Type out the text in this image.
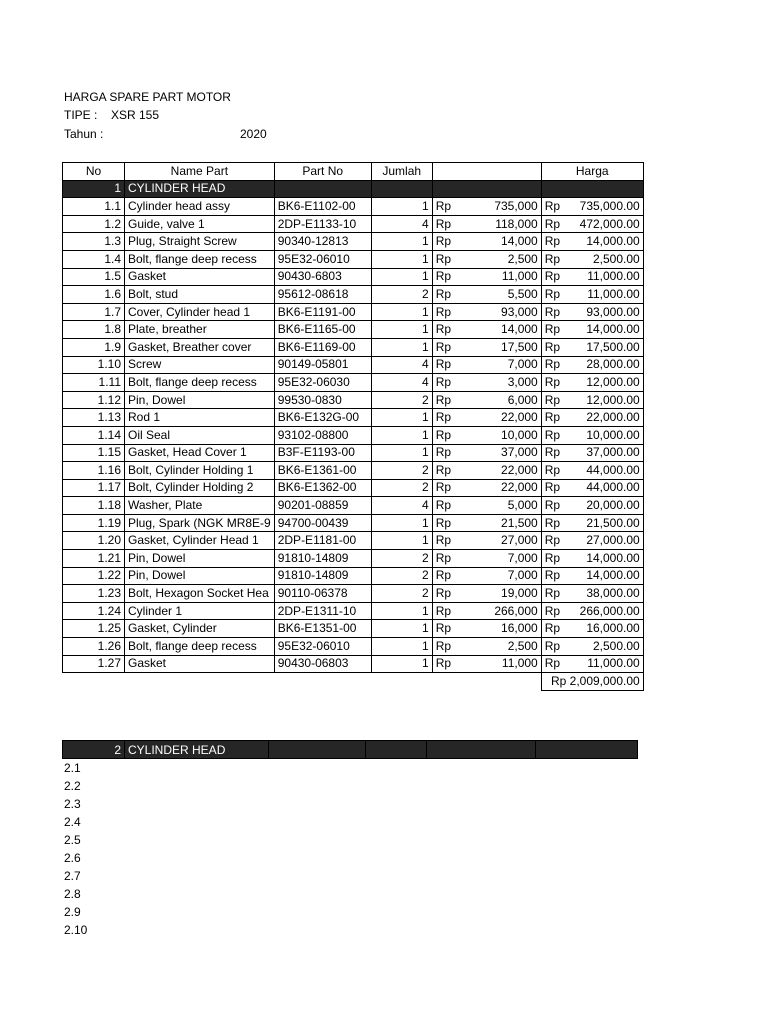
HARGA SPARE PART MOTOR
TIPE : XSR 155
Tahun :	2020
No	Name Part	Part No	Jumlah			Harga	
1	CYLINDER HEAD						
1.1	Cylinder head assy	BK6-E1102-00	1	Rp	735,000	Rp	735,000.00
1.2	Guide, valve 1	2DP-E1133-10	4	Rp	118,000	Rp	472,000.00
1.3	Plug, Straight Screw	90340-12813	1	Rp	14,000	Rp	14,000.00
1.4	Bolt, flange deep recess	95E32-06010	1	Rp	2,500	Rp	2,500.00
1.5	Gasket	90430-6803	1	Rp	11,000	Rp	11,000.00
1.6	Bolt, stud	95612-08618	2	Rp	5,500	Rp	11,000.00
1.7	Cover, Cylinder head 1	BK6-E1191-00	1	Rp	93,000	Rp	93,000.00
1.8	Plate, breather	BK6-E1165-00	1	Rp	14,000	Rp	14,000.00
1.9	Gasket, Breather cover	BK6-E1169-00	1	Rp	17,500	Rp	17,500.00
1.10	Screw	90149-05801	4	Rp	7,000	Rp	28,000.00
1.11	Bolt, flange deep recess	95E32-06030	4	Rp	3,000	Rp	12,000.00
1.12	Pin, Dowel	99530-0830	2	Rp	6,000	Rp	12,000.00
1.13	Rod 1	BK6-E132G-00	1	Rp	22,000	Rp	22,000.00
1.14	Oil Seal	93102-08800	1	Rp	10,000	Rp	10,000.00
1.15	Gasket, Head Cover 1	B3F-E1193-00	1	Rp	37,000	Rp	37,000.00
1.16	Bolt, Cylinder Holding 1	BK6-E1361-00	2	Rp	22,000	Rp	44,000.00
1.17	Bolt, Cylinder Holding 2	BK6-E1362-00	2	Rp	22,000	Rp	44,000.00
1.18	Washer, Plate	90201-08859	4	Rp	5,000	Rp	20,000.00
1.19	Plug, Spark (NGK MR8E-9	94700-00439	1	Rp	21,500	Rp	21,500.00
1.20	Gasket, Cylinder Head 1	2DP-E1181-00	1	Rp	27,000	Rp	27,000.00
1.21	Pin, Dowel	91810-14809	2	Rp	7,000	Rp	14,000.00
1.22	Pin, Dowel	91810-14809	2	Rp	7,000	Rp	14,000.00
1.23	Bolt, Hexagon Socket Hea	90110-06378	2	Rp	19,000	Rp	38,000.00
1.24	Cylinder 1	2DP-E1311-10	1	Rp	266,000	Rp	266,000.00
1.25	Gasket, Cylinder	BK6-E1351-00	1	Rp	16,000	Rp	16,000.00
1.26	Bolt, flange deep recess	95E32-06010	1	Rp	2,500	Rp	2,500.00
1.27	Gasket	90430-06803	1	Rp	11,000	Rp	11,000.00
						Rp 2,009,000.00	
2	CYLINDER HEAD				
2.1
2.2
2.3
2.4
2.5
2.6
2.7
2.8
2.9
2.10
